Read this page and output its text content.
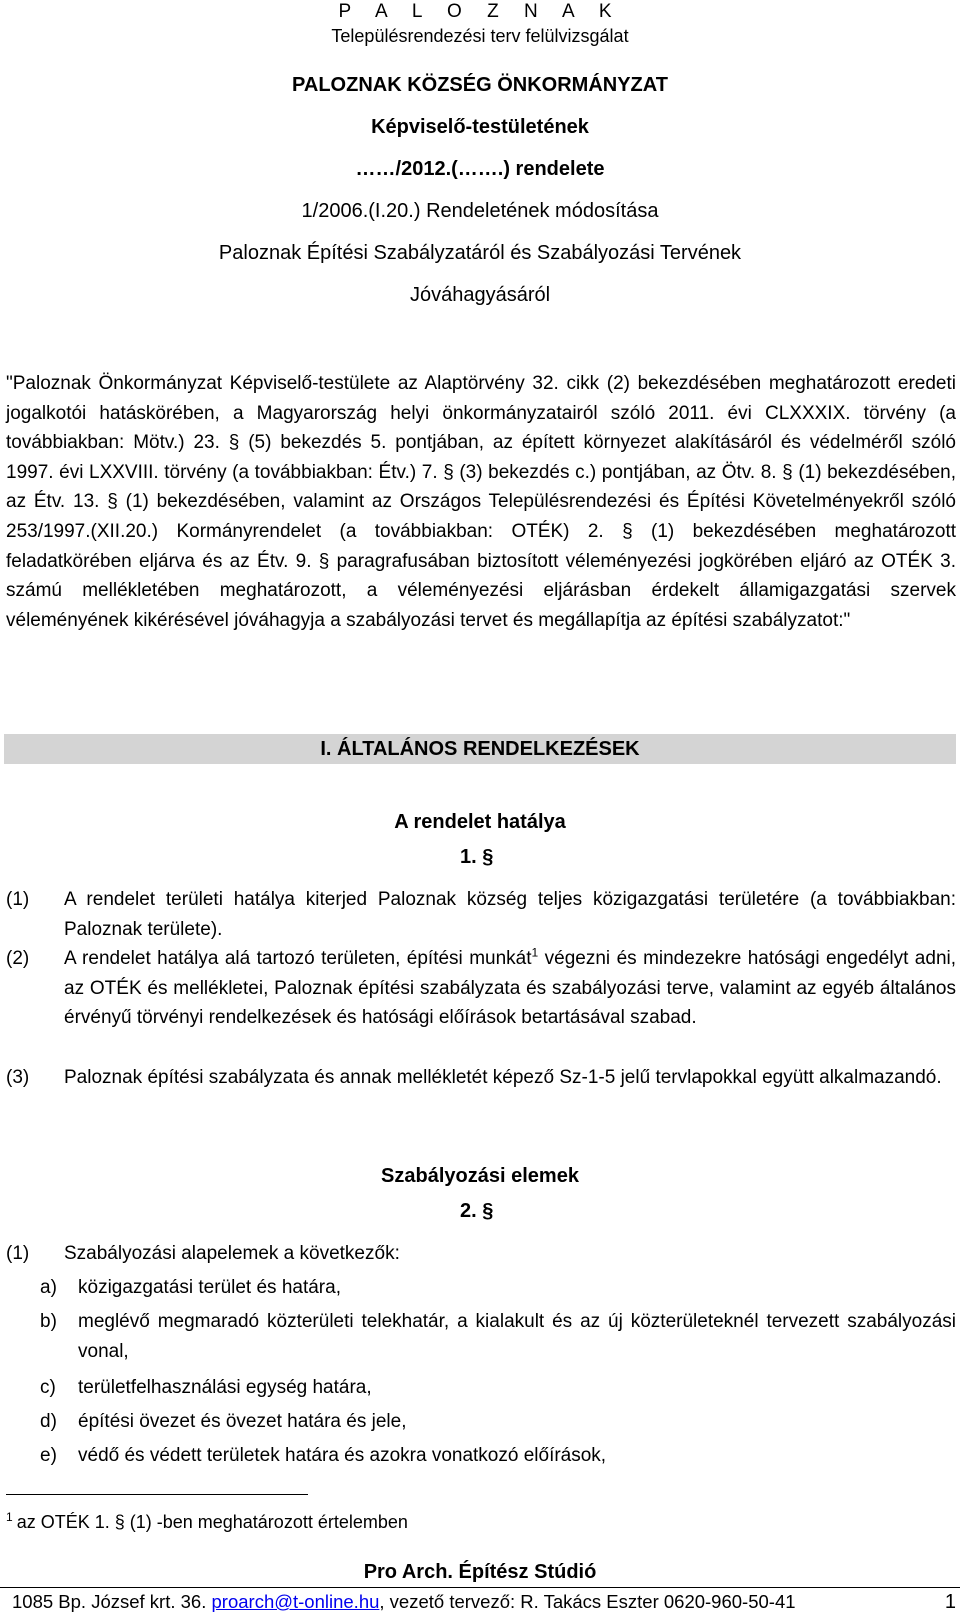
P A L O Z N A K
Településrendezési terv felülvizsgálat
PALOZNAK KÖZSÉG ÖNKORMÁNYZAT
Képviselő-testületének
……/2012.(…….) rendelete
1/2006.(I.20.) Rendeletének módosítása
Paloznak Építési Szabályzatáról és Szabályozási Tervének
Jóváhagyásáról

"Paloznak Önkormányzat Képviselő-testülete az Alaptörvény 32. cikk (2) bekezdésében meghatározott eredeti jogalkotói hatáskörében, a Magyarország helyi önkormányzatairól szóló 2011. évi CLXXXIX. törvény (a továbbiakban: Mötv.) 23. § (5) bekezdés 5. pontjában, az épített környezet alakításáról és védelméről szóló 1997. évi LXXVIII. törvény (a továbbiakban: Étv.) 7. § (3) bekezdés c.) pontjában, az Ötv. 8. § (1) bekezdésében, az Étv. 13. § (1) bekezdésében, valamint az Országos Településrendezési és Építési Követelményekről szóló 253/1997.(XII.20.) Kormányrendelet (a továbbiakban: OTÉK) 2. § (1) bekezdésében meghatározott feladatkörében eljárva és az Étv. 9. § paragrafusában biztosított véleményezési jogkörében eljáró az OTÉK 3. számú mellékletében meghatározott, a véleményezési eljárásban érdekelt államigazgatási szervek véleményének kikérésével jóváhagyja a szabályozási tervet és megállapítja az építési szabályzatot:"

I. ÁLTALÁNOS RENDELKEZÉSEK
A rendelet hatálya
1. §
(1) A rendelet területi hatálya kiterjed Paloznak község teljes közigazgatási területére (a továbbiakban: Paloznak területe).
(2) A rendelet hatálya alá tartozó területen, építési munkát$^1$ végezni és mindezekre hatósági engedélyt adni, az OTÉK és mellékletei, Paloznak építési szabályzata és szabályozási terve, valamint az egyéb általános érvényű törvényi rendelkezések és hatósági előírások betartásával szabad.
(3) Paloznak építési szabályzata és annak mellékletét képező Sz-1-5 jelű tervlapokkal együtt alkalmazandó.
Szabályozási elemek
2. §
(1) Szabályozási alapelemek a következők:
a) közigazgatási terület és határa,
b) meglévő megmaradó közterületi telekhatár, a kialakult és az új közterületeknél tervezett szabályozási vonal,
c) területfelhasználási egység határa,
d) építési övezet és övezet határa és jele,
e) védő és védett területek határa és azokra vonatkozó előírások,
$^1$ az OTÉK 1. § (1) -ben meghatározott értelemben
Pro Arch. Építész Stúdió
1085 Bp. József krt. 36. proarch@t-online.hu, vezető tervező: R. Takács Eszter 0620-960-50-41	1
